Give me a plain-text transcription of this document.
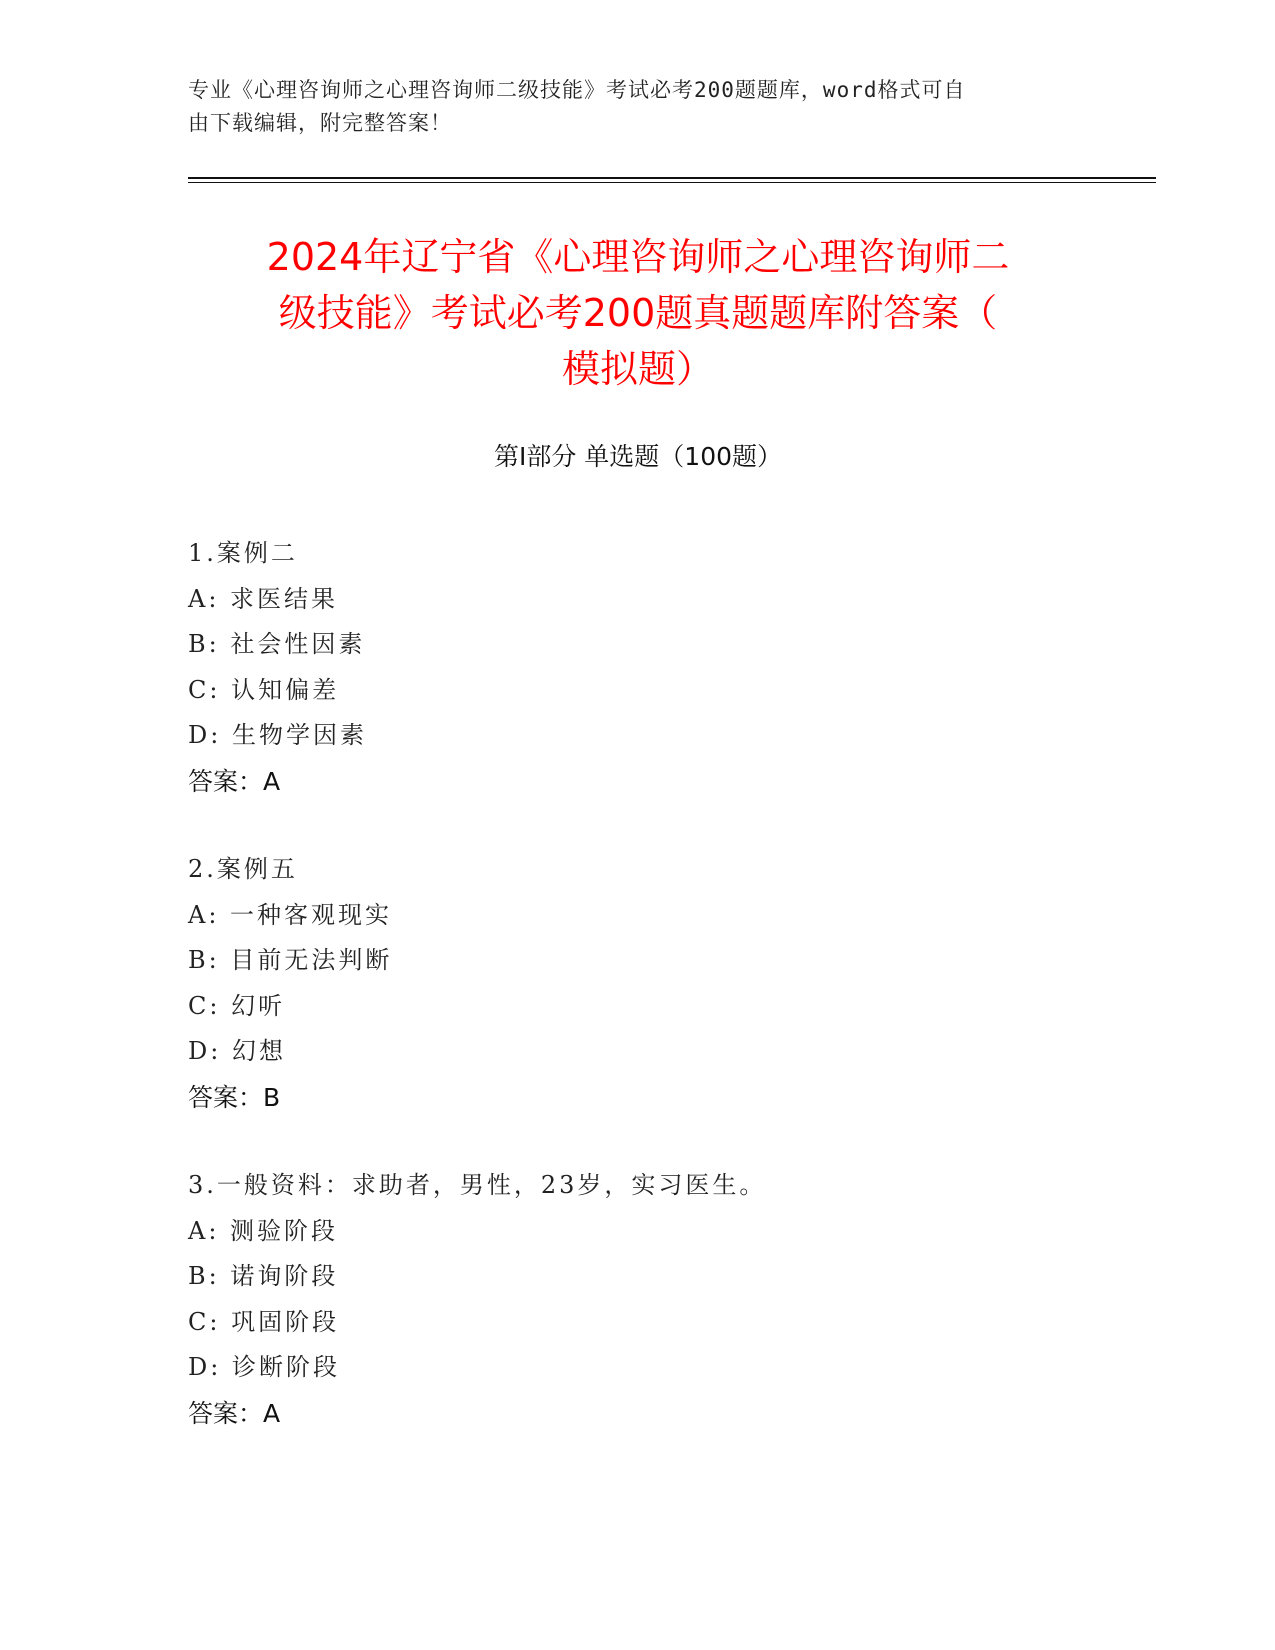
专业《心理咨询师之心理咨询师二级技能》考试必考200题题库，word格式可自
由下载编辑，附完整答案！
2024年辽宁省《心理咨询师之心理咨询师二
级技能》考试必考200题真题题库附答案（
模拟题）
第Ⅰ部分 单选题（100题）
1.案例二
A: 求医结果
B: 社会性因素
C: 认知偏差
D: 生物学因素
答案：A
2.案例五
A: 一种客观现实
B: 目前无法判断
C: 幻听
D: 幻想
答案：B
3.一般资料：求助者，男性，23岁，实习医生。
A: 测验阶段
B: 诺询阶段
C: 巩固阶段
D: 诊断阶段
答案：A
